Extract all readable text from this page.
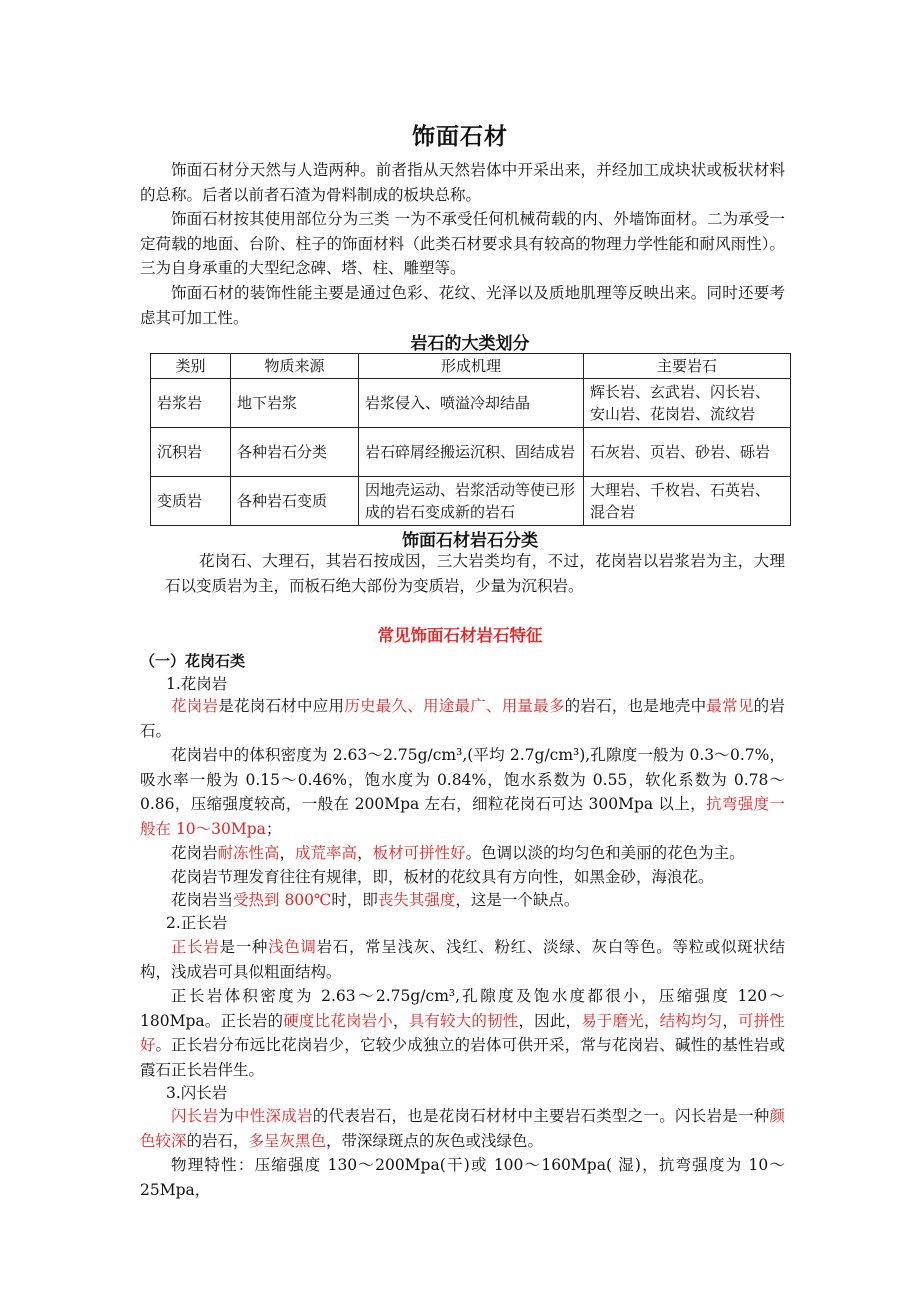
饰面石材

饰面石材分天然与人造两种。前者指从天然岩体中开采出来，并经加工成块状或板状材料的总称。后者以前者石渣为骨料制成的板块总称。

饰面石材按其使用部位分为三类 一为不承受任何机械荷载的内、外墙饰面材。二为承受一定荷载的地面、台阶、柱子的饰面材料（此类石材要求具有较高的物理力学性能和耐风雨性）。三为自身承重的大型纪念碑、塔、柱、雕塑等。

饰面石材的装饰性能主要是通过色彩、花纹、光泽以及质地肌理等反映出来。同时还要考虑其可加工性。

岩石的大类划分
类别	物质来源	形成机理	主要岩石
岩浆岩	地下岩浆	岩浆侵入、喷溢冷却结晶	辉长岩、玄武岩、闪长岩、安山岩、花岗岩、流纹岩
沉积岩	各种岩石分类	岩石碎屑经搬运沉积、固结成岩	石灰岩、页岩、砂岩、砾岩
变质岩	各种岩石变质	因地壳运动、岩浆活动等使已形成的岩石变成新的岩石	大理岩、千枚岩、石英岩、混合岩
饰面石材岩石分类

花岗石、大理石，其岩石按成因，三大岩类均有，不过，花岗岩以岩浆岩为主，大理石以变质岩为主，而板石绝大部份为变质岩，少量为沉积岩。

常见饰面石材岩石特征
（一）花岗石类
1.花岗岩

花岗岩是花岗石材中应用历史最久、用途最广、用量最多的岩石，也是地壳中最常见的岩石。

花岗岩中的体积密度为 2.63～2.75g/cm³,(平均 2.7g/cm³),孔隙度一般为 0.3～0.7%，吸水率一般为 0.15～0.46%，饱水度为 0.84%，饱水系数为 0.55，软化系数为 0.78～0.86，压缩强度较高，一般在 200Mpa 左右，细粒花岗石可达 300Mpa 以上，抗弯强度一般在 10～30Mpa；

花岗岩耐冻性高，成荒率高，板材可拼性好。色调以淡的均匀色和美丽的花色为主。

花岗岩节理发育往往有规律，即，板材的花纹具有方向性，如黑金砂，海浪花。

花岗岩当受热到 800℃时，即丧失其强度，这是一个缺点。

2.正长岩

正长岩是一种浅色调岩石，常呈浅灰、浅红、粉红、淡绿、灰白等色。等粒或似斑状结构，浅成岩可具似粗面结构。

正长岩体积密度为 2.63～2.75g/cm³,孔隙度及饱水度都很小，压缩强度 120～180Mpa。正长岩的硬度比花岗岩小，具有较大的韧性，因此，易于磨光，结构均匀，可拼性好。 正长岩分布远比花岗岩少，它较少成独立的岩体可供开采，常与花岗岩、碱性的基性岩或霞石正长岩伴生。

3.闪长岩

闪长岩为中性深成岩的代表岩石，也是花岗石材材中主要岩石类型之一。闪长岩是一种颜色较深的岩石，多呈灰黑色，带深绿斑点的灰色或浅绿色。

物理特性：压缩强度 130～200Mpa(干)或 100～160Mpa( 湿)，抗弯强度为 10～25Mpa，
